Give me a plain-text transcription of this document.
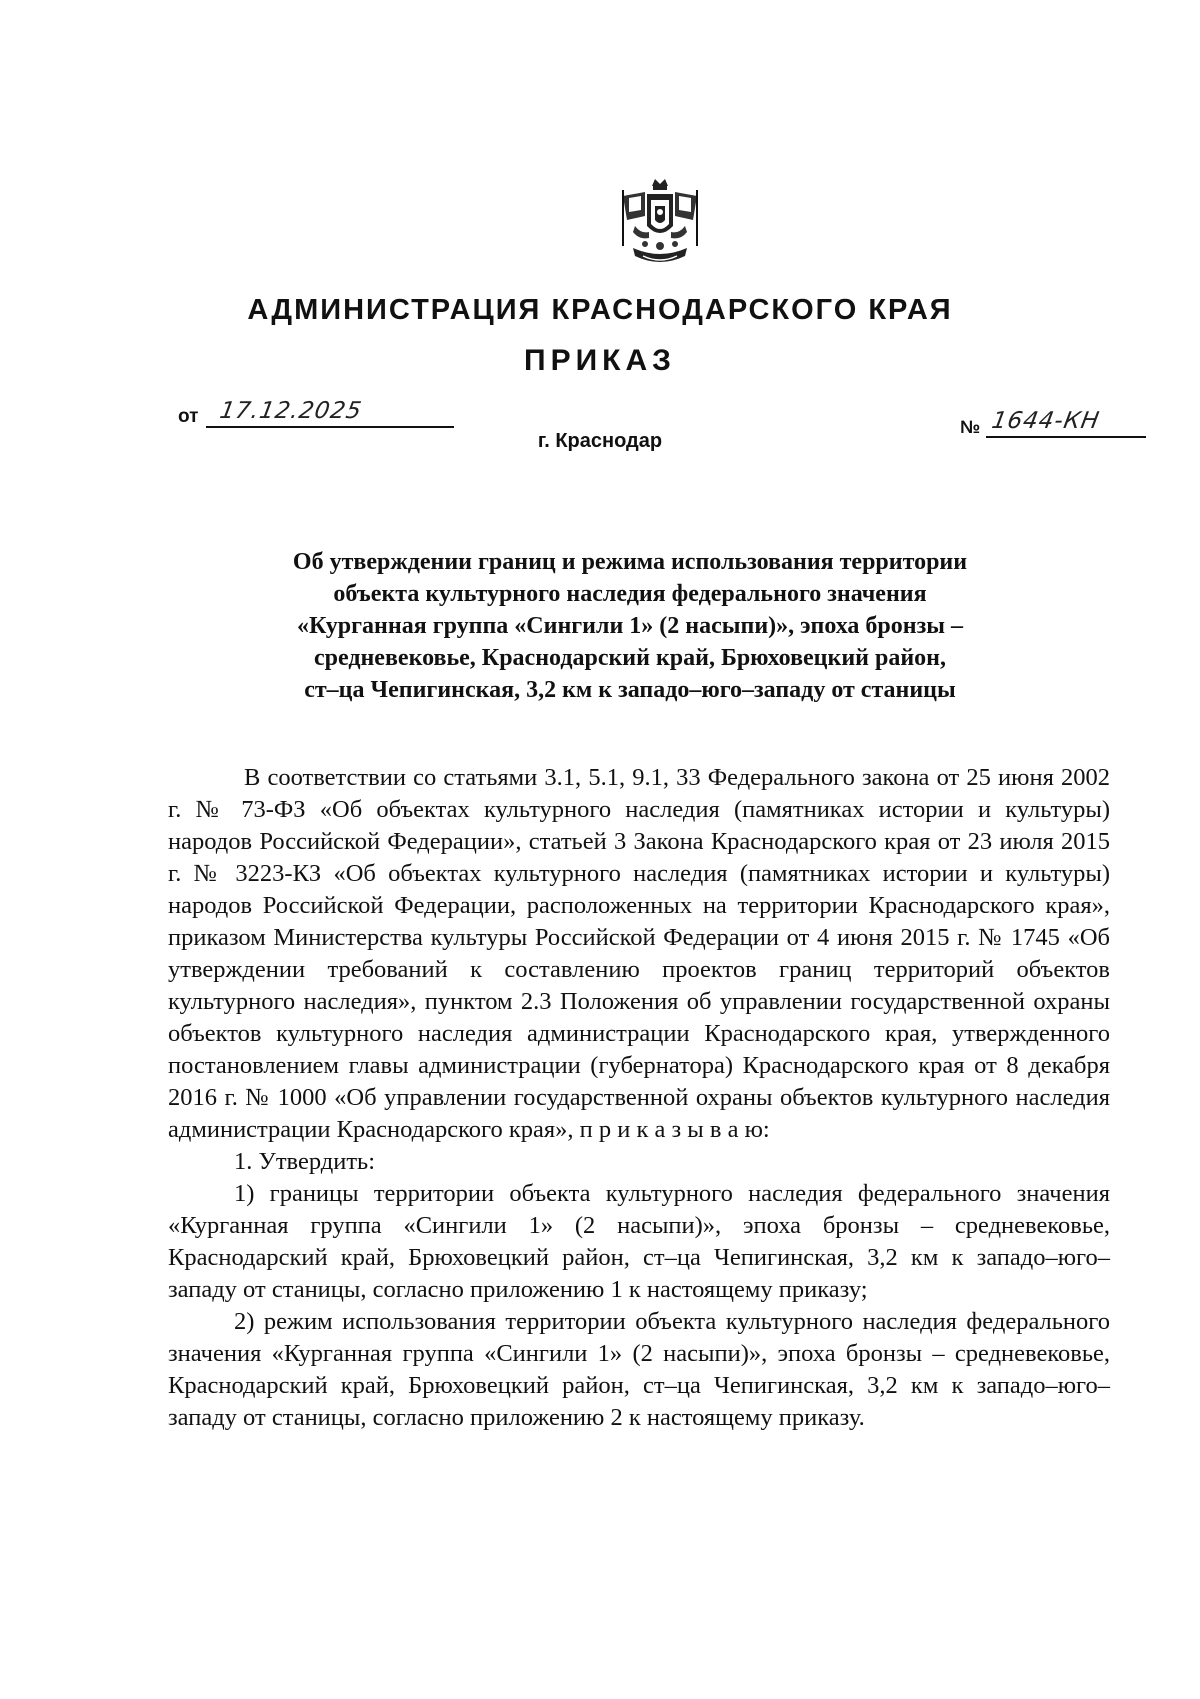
АДМИНИСТРАЦИЯ КРАСНОДАРСКОГО КРАЯ
ПРИКАЗ
от 17.12.2025
№ 1644-КН
г. Краснодар
Об утверждении границ и режима использования территории
объекта культурного наследия федерального значения
«Курганная группа «Сингили 1» (2 насыпи)», эпоха бронзы –
средневековье, Краснодарский край, Брюховецкий район,
ст–ца Чепигинская, 3,2 км к западо–юго–западу от станицы

В соответствии со статьями 3.1, 5.1, 9.1, 33 Федерального закона от 25 июня 2002 г. № 73-ФЗ «Об объектах культурного наследия (памятниках истории и культуры) народов Российской Федерации», статьей 3 Закона Краснодарского края от 23 июля 2015 г. № 3223-КЗ «Об объектах культурного наследия (памятниках истории и культуры) народов Российской Федерации, расположенных на территории Краснодарского края», приказом Министерства культуры Российской Федерации от 4 июня 2015 г. № 1745 «Об утверждении требований к составлению проектов границ территорий объектов культурного наследия», пунктом 2.3 Положения об управлении государственной охраны объектов культурного наследия администрации Краснодарского края, утвержденного постановлением главы администрации (губернатора) Краснодарского края от 8 декабря 2016 г. № 1000 «Об управлении государственной охраны объектов культурного наследия администрации Краснодарского края», п р и к а з ы в а ю:

1. Утвердить:

1) границы территории объекта культурного наследия федерального значения «Курганная группа «Сингили 1» (2 насыпи)», эпоха бронзы – средневековье, Краснодарский край, Брюховецкий район, ст–ца Чепигинская, 3,2 км к западо–юго–западу от станицы, согласно приложению 1 к настоящему приказу;

2) режим использования территории объекта культурного наследия федерального значения «Курганная группа «Сингили 1» (2 насыпи)», эпоха бронзы – средневековье, Краснодарский край, Брюховецкий район, ст–ца Чепигинская, 3,2 км к западо–юго–западу от станицы, согласно приложению 2 к настоящему приказу.
